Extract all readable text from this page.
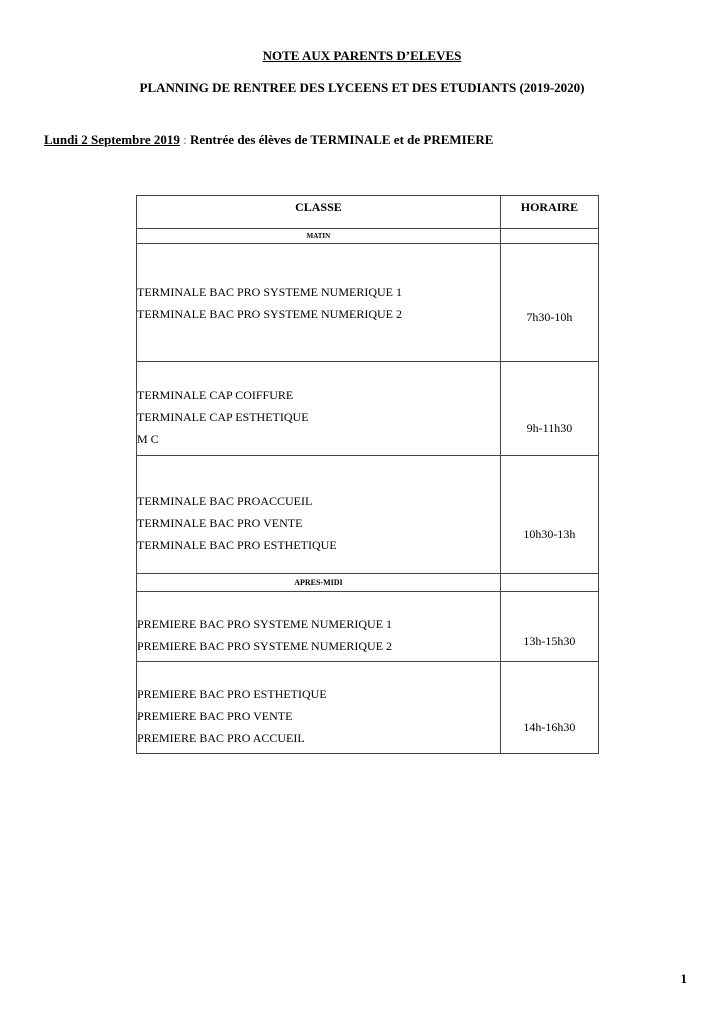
NOTE AUX PARENTS D’ELEVES
PLANNING DE RENTREE DES LYCEENS ET DES ETUDIANTS (2019-2020)
Lundi 2 Septembre 2019 : Rentrée des élèves de TERMINALE et de PREMIERE
CLASSE	HORAIRE
MATIN	

TERMINALE BAC PRO SYSTEME NUMERIQUE 1
TERMINALE BAC PRO SYSTEME NUMERIQUE 2	7h30-10h

TERMINALE CAP COIFFURE
TERMINALE CAP ESTHETIQUE
M C	9h-11h30

TERMINALE BAC PROACCUEIL
TERMINALE BAC PRO VENTE
TERMINALE BAC PRO ESTHETIQUE	10h30-13h
APRES-MIDI	

PREMIERE BAC PRO SYSTEME NUMERIQUE 1
PREMIERE BAC PRO SYSTEME NUMERIQUE 2	13h-15h30

PREMIERE BAC PRO ESTHETIQUE
PREMIERE BAC PRO VENTE
PREMIERE BAC PRO ACCUEIL	14h-16h30
1
